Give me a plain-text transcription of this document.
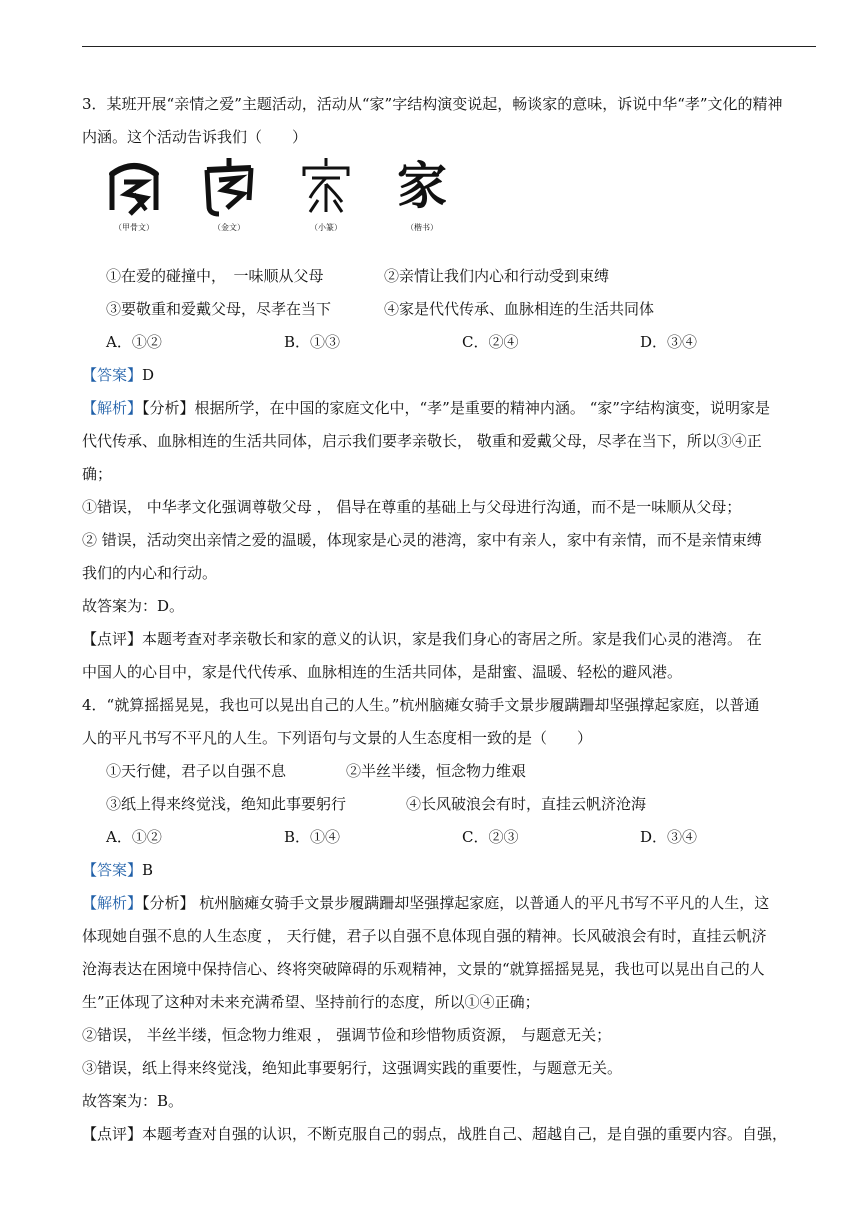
3．某班开展“亲情之爱”主题活动，活动从“家”字结构演变说起，畅谈家的意味，诉说中华“孝”文化的精神

内涵。这个活动告诉我们（　　）

（甲骨文）	（金文）	（小篆）
家
（楷书）

①在爱的碰撞中，　一味顺从父母	②亲情让我们内心和行动受到束缚

③要敬重和爱戴父母，尽孝在当下	④家是代代传承、血脉相连的生活共同体

A．①②	B．①③	C．②④	D．③④

【答案】D

【解析】【分析】根据所学，在中国的家庭文化中，“孝”是重要的精神内涵。 “家”字结构演变，说明家是

代代传承、血脉相连的生活共同体，启示我们要孝亲敬长， 敬重和爱戴父母，尽孝在当下，所以③④正

确；

①错误， 中华孝文化强调尊敬父母 ， 倡导在尊重的基础上与父母进行沟通，而不是一味顺从父母；

② 错误，活动突出亲情之爱的温暖，体现家是心灵的港湾，家中有亲人，家中有亲情，而不是亲情束缚

我们的内心和行动。

故答案为：D。

【点评】本题考查对孝亲敬长和家的意义的认识，家是我们身心的寄居之所。家是我们心灵的港湾。 在

中国人的心目中，家是代代传承、血脉相连的生活共同体，是甜蜜、温暖、轻松的避风港。

4．“就算摇摇晃晃，我也可以晃出自己的人生。”杭州脑瘫女骑手文景步履蹒跚却坚强撑起家庭，以普通

人的平凡书写不平凡的人生。下列语句与文景的人生态度相一致的是（　　）

①天行健，君子以自强不息	②半丝半缕，恒念物力维艰

③纸上得来终觉浅，绝知此事要躬行	④长风破浪会有时，直挂云帆济沧海

A．①②	B．①④	C．②③	D．③④

【答案】B

【解析】【分析】 杭州脑瘫女骑手文景步履蹒跚却坚强撑起家庭，以普通人的平凡书写不平凡的人生，这

体现她自强不息的人生态度 ， 天行健，君子以自强不息体现自强的精神。长风破浪会有时，直挂云帆济

沧海表达在困境中保持信心、终将突破障碍的乐观精神，文景的“就算摇摇晃晃，我也可以晃出自己的人

生”正体现了这种对未来充满希望、坚持前行的态度，所以①④正确；

②错误， 半丝半缕，恒念物力维艰 ， 强调节俭和珍惜物质资源， 与题意无关；

③错误，纸上得来终觉浅，绝知此事要躬行，这强调实践的重要性，与题意无关。

故答案为：B。

【点评】本题考查对自强的认识，不断克服自己的弱点，战胜自己、超越自己，是自强的重要内容。自强，
